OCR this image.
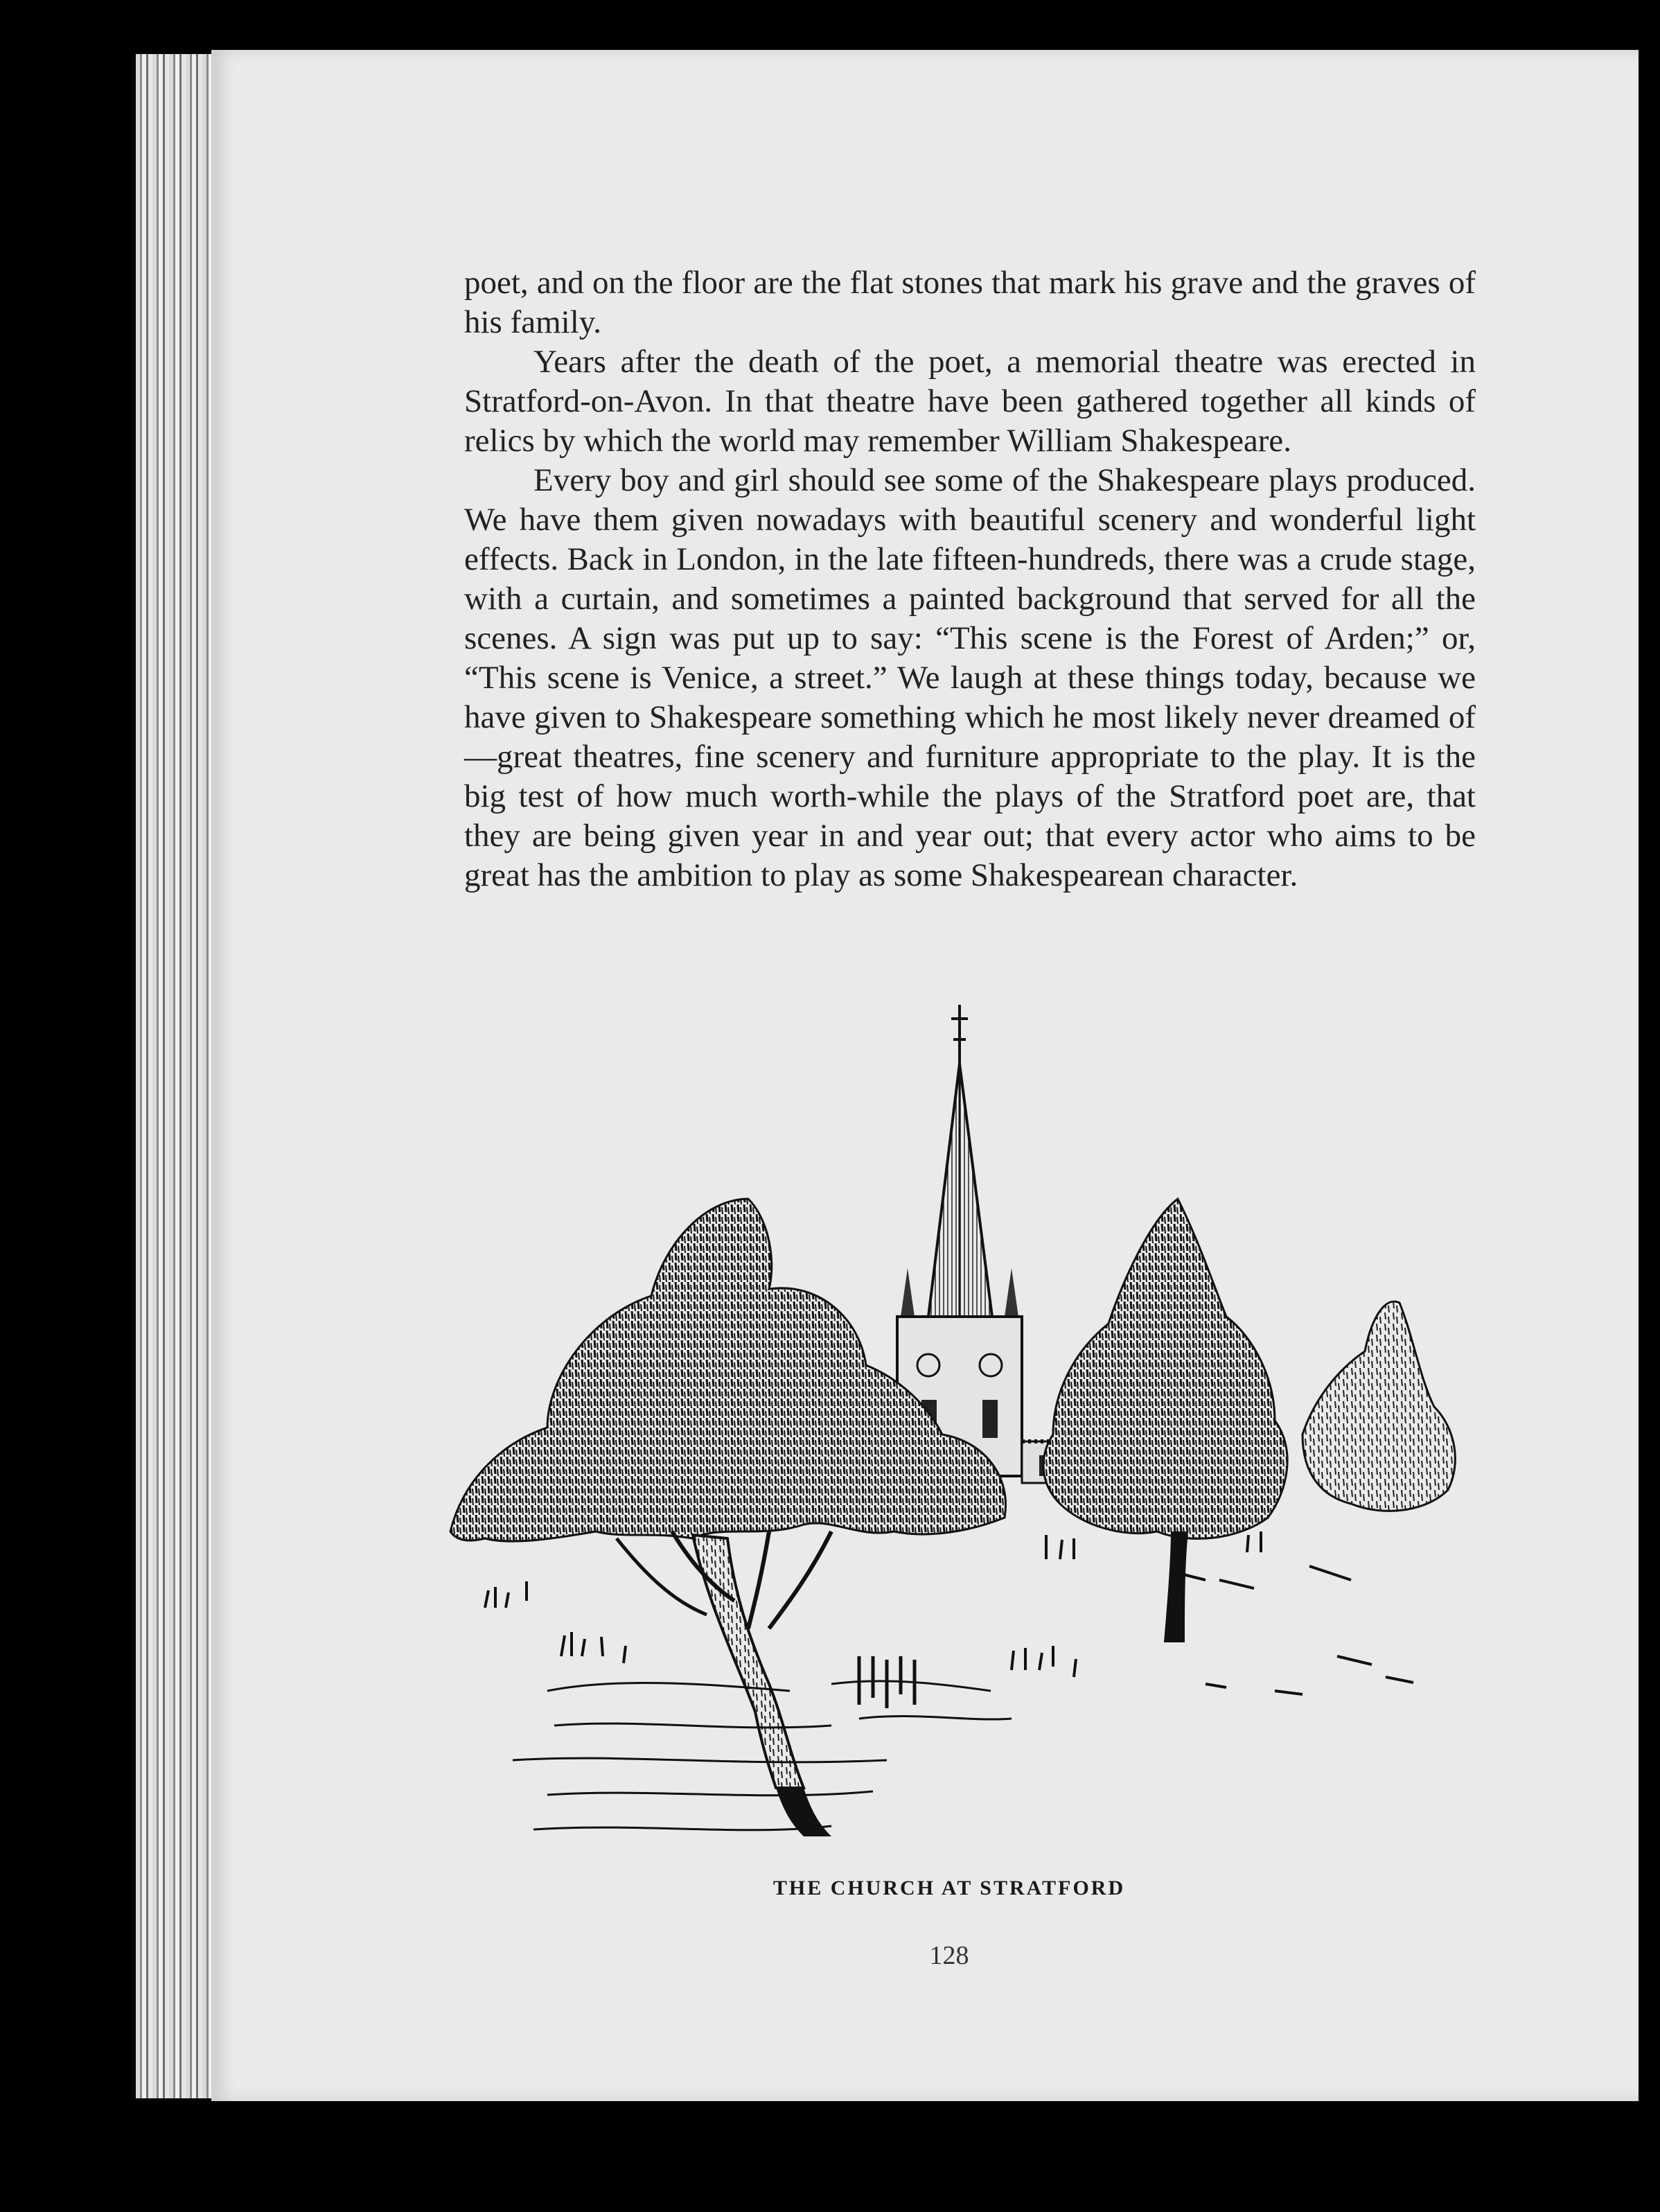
poet, and on the floor are the flat stones that mark his grave and the graves of his family.

Years after the death of the poet, a memorial theatre was erected in Stratford-on-Avon. In that theatre have been gathered together all kinds of relics by which the world may remember William Shakespeare.

Every boy and girl should see some of the Shakespeare plays produced. We have them given nowadays with beautiful scenery and wonderful light effects. Back in London, in the late fifteen-hundreds, there was a crude stage, with a curtain, and sometimes a painted background that served for all the scenes. A sign was put up to say: “This scene is the Forest of Arden;” or, “This scene is Venice, a street.” We laugh at these things today, because we have given to Shakespeare something which he most likely never dreamed of—great theatres, fine scenery and furniture appropriate to the play. It is the big test of how much worth-while the plays of the Stratford poet are, that they are being given year in and year out; that every actor who aims to be great has the ambition to play as some Shakespearean character.

THE CHURCH AT STRATFORD
128
